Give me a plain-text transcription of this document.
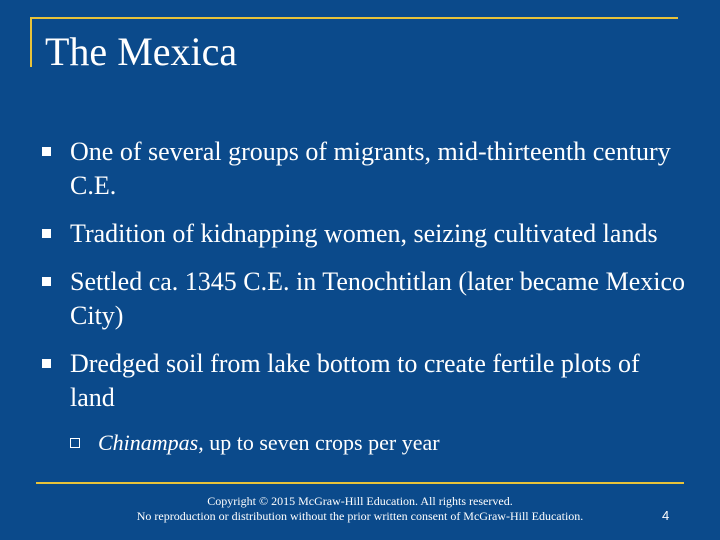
The Mexica
One of several groups of migrants, mid-thirteenth century C.E.
Tradition of kidnapping women, seizing cultivated lands
Settled ca. 1345 C.E. in Tenochtitlan (later became Mexico City)
Dredged soil from lake bottom to create fertile plots of land
Chinampas, up to seven crops per year
Copyright © 2015 McGraw-Hill Education. All rights reserved.
No reproduction or distribution without the prior written consent of McGraw-Hill Education.	4
